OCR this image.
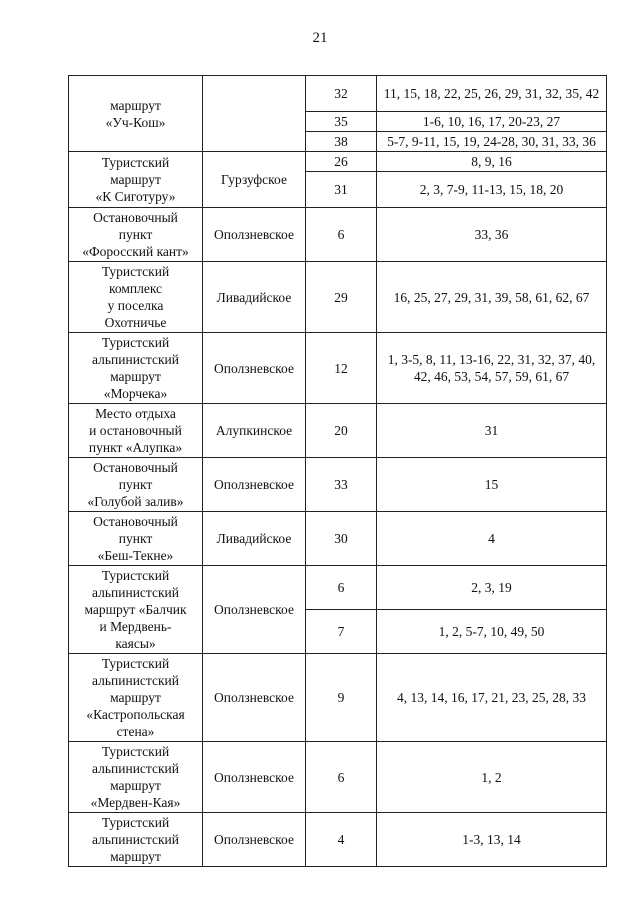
21
маршрут
«Уч-Кош»		32	11, 15, 18, 22, 25, 26, 29, 31, 32, 35, 42
		35	1-6, 10, 16, 17, 20-23, 27
		38	5-7, 9-11, 15, 19, 24-28, 30, 31, 33, 36
Туристский
маршрут
«К Сиготуру»	Гурзуфское	26	8, 9, 16
		31	2, 3, 7-9, 11-13, 15, 18, 20
Остановочный
пункт
«Форосский кант»	Оползневское	6	33, 36
Туристский
комплекс
у поселка
Охотничье	Ливадийское	29	16, 25, 27, 29, 31, 39, 58, 61, 62, 67
Туристский
альпинистский
маршрут
«Морчека»	Оползневское	12	1, 3-5, 8, 11, 13-16, 22, 31, 32, 37, 40, 42, 46, 53, 54, 57, 59, 61, 67
Место отдыха
и остановочный
пункт «Алупка»	Алупкинское	20	31
Остановочный
пункт
«Голубой залив»	Оползневское	33	15
Остановочный
пункт
«Беш-Текне»	Ливадийское	30	4
Туристский
альпинистский
маршрут «Балчик
и Мердвень-
каясы»	Оползневское	6	2, 3, 19
		7	1, 2, 5-7, 10, 49, 50
Туристский
альпинистский
маршрут
«Кастропольская
стена»	Оползневское	9	4, 13, 14, 16, 17, 21, 23, 25, 28, 33
Туристский
альпинистский
маршрут
«Мердвен-Кая»	Оползневское	6	1, 2
Туристский
альпинистский
маршрут	Оползневское	4	1-3, 13, 14
